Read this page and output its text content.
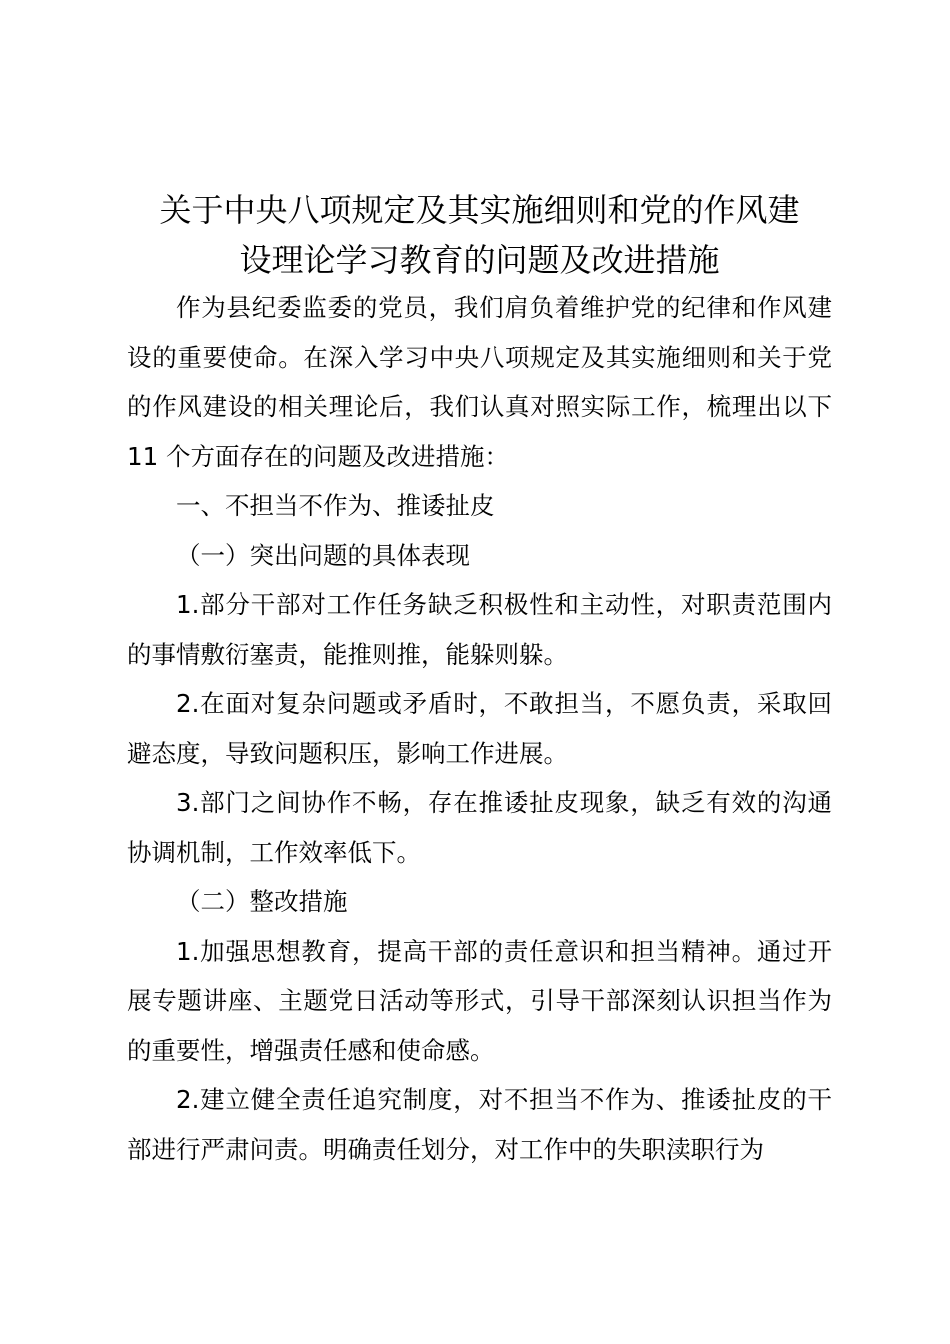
关于中央八项规定及其实施细则和党的作风建
设理论学习教育的问题及改进措施

作为县纪委监委的党员，我们肩负着维护党的纪律和作风建设的重要使命。在深入学习中央八项规定及其实施细则和关于党的作风建设的相关理论后，我们认真对照实际工作，梳理出以下 11 个方面存在的问题及改进措施：

一、不担当不作为、推诿扯皮

（一）突出问题的具体表现

1.部分干部对工作任务缺乏积极性和主动性，对职责范围内的事情敷衍塞责，能推则推，能躲则躲。

2.在面对复杂问题或矛盾时，不敢担当，不愿负责，采取回避态度，导致问题积压，影响工作进展。

3.部门之间协作不畅，存在推诿扯皮现象，缺乏有效的沟通协调机制，工作效率低下。

（二）整改措施

1.加强思想教育，提高干部的责任意识和担当精神。通过开展专题讲座、主题党日活动等形式，引导干部深刻认识担当作为的重要性，增强责任感和使命感。

2.建立健全责任追究制度，对不担当不作为、推诿扯皮的干部进行严肃问责。明确责任划分，对工作中的失职渎职行为
